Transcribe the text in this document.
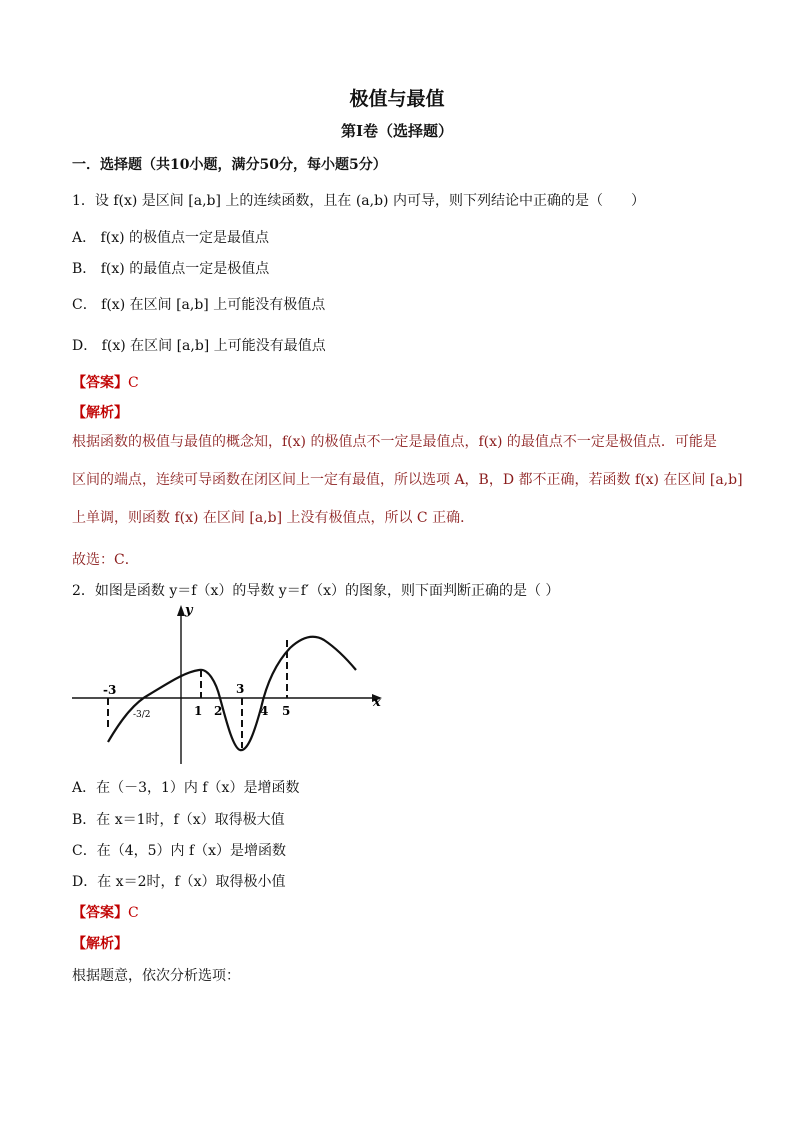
极值与最值
第Ⅰ卷（选择题）
一．选择题（共10小题，满分50分，每小题5分）
1．设 f(x) 是区间 [a,b] 上的连续函数，且在 (a,b) 内可导，则下列结论中正确的是（　　）
A． f(x) 的极值点一定是最值点
B． f(x) 的最值点一定是极值点
C． f(x) 在区间 [a,b] 上可能没有极值点
D． f(x) 在区间 [a,b] 上可能没有最值点
【答案】C
【解析】
根据函数的极值与最值的概念知，f(x) 的极值点不一定是最值点，f(x) 的最值点不一定是极值点．可能是
区间的端点，连续可导函数在闭区间上一定有最值，所以选项 A，B，D 都不正确，若函数 f(x) 在区间 [a,b]
上单调，则函数 f(x) 在区间 [a,b] 上没有极值点，所以 C 正确．
故选：C．
2．如图是函数 y＝f（x）的导数 y＝f′（x）的图象，则下面判断正确的是（ ）
x
y
-3
1 2
3
4 5
-3/2
A．在（－3，1）内 f（x）是增函数
B．在 x＝1时，f（x）取得极大值
C．在（4，5）内 f（x）是增函数
D．在 x＝2时，f（x）取得极小值
【答案】C
【解析】
根据题意，依次分析选项：
